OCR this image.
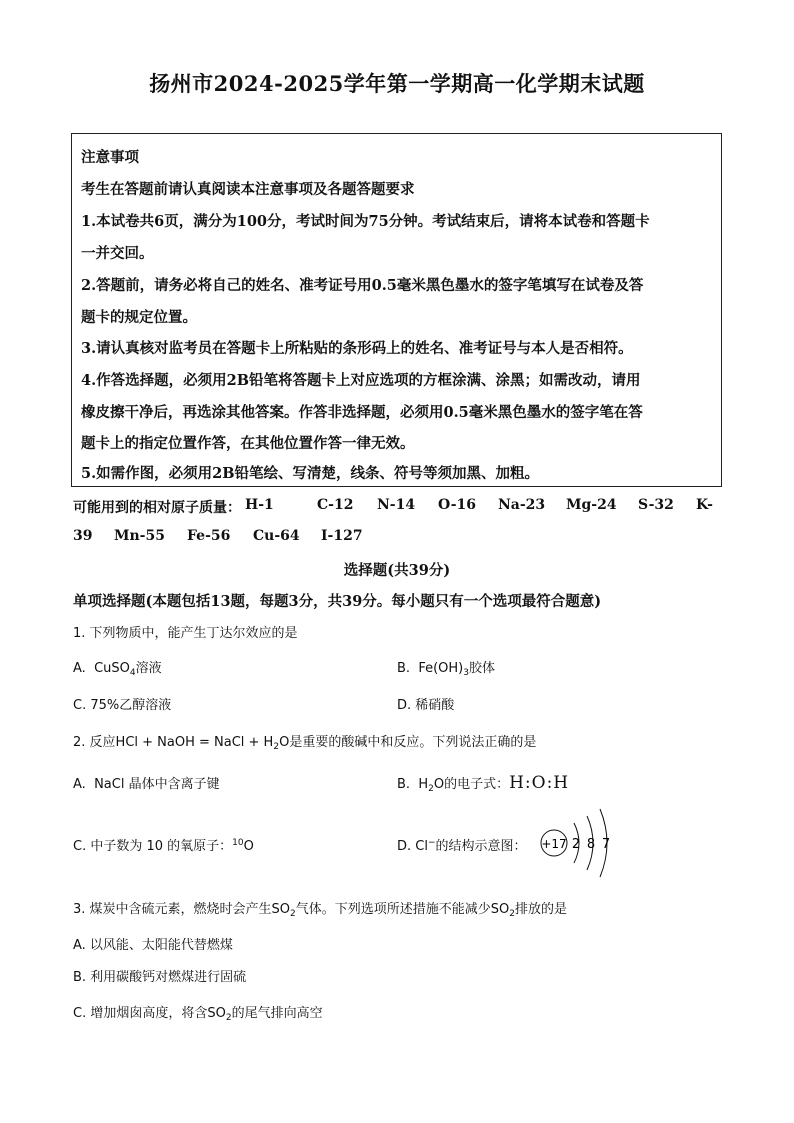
扬州市2024-2025学年第一学期高一化学期末试题
注意事项
考生在答题前请认真阅读本注意事项及各题答题要求
1.本试卷共6页，满分为100分，考试时间为75分钟。考试结束后，请将本试卷和答题卡
一并交回。
2.答题前，请务必将自己的姓名、准考证号用0.5毫米黑色墨水的签字笔填写在试卷及答
题卡的规定位置。
3.请认真核对监考员在答题卡上所粘贴的条形码上的姓名、准考证号与本人是否相符。
4.作答选择题，必须用2B铅笔将答题卡上对应选项的方框涂满、涂黑；如需改动，请用
橡皮擦干净后，再选涂其他答案。作答非选择题，必须用0.5毫米黑色墨水的签字笔在答
题卡上的指定位置作答，在其他位置作答一律无效。
5.如需作图，必须用2B铅笔绘、写清楚，线条、符号等须加黑、加粗。
可能用到的相对原子质量： H-1	C-12 N-14 O-16 Na-23 Mg-24 S-32 K-
39 Mn-55 Fe-56 Cu-64 I-127
选择题(共39分)
单项选择题(本题包括13题，每题3分，共39分。每小题只有一个选项最符合题意)
1. 下列物质中，能产生丁达尔效应的是
A. CuSO$_4$溶液	B. $Fe(OH)_3$胶体
C. 75%乙醇溶液	D. 稀硝酸
2. 反应HCl + NaOH = NaCl + $H_2O$是重要的酸碱中和反应。下列说法正确的是
A. NaCl 晶体中含离子键	B. $H_2O$的电子式：H:O:H
C. 中子数为 10 的氧原子：$^{10}$O	D. Cl−的结构示意图： +17 2 8 7
3. 煤炭中含硫元素，燃烧时会产生$SO_2$气体。下列选项所述措施不能减少$SO_2$排放的是
A. 以风能、太阳能代替燃煤
B. 利用碳酸钙对燃煤进行固硫
C. 增加烟囱高度，将含$SO_2$的尾气排向高空
